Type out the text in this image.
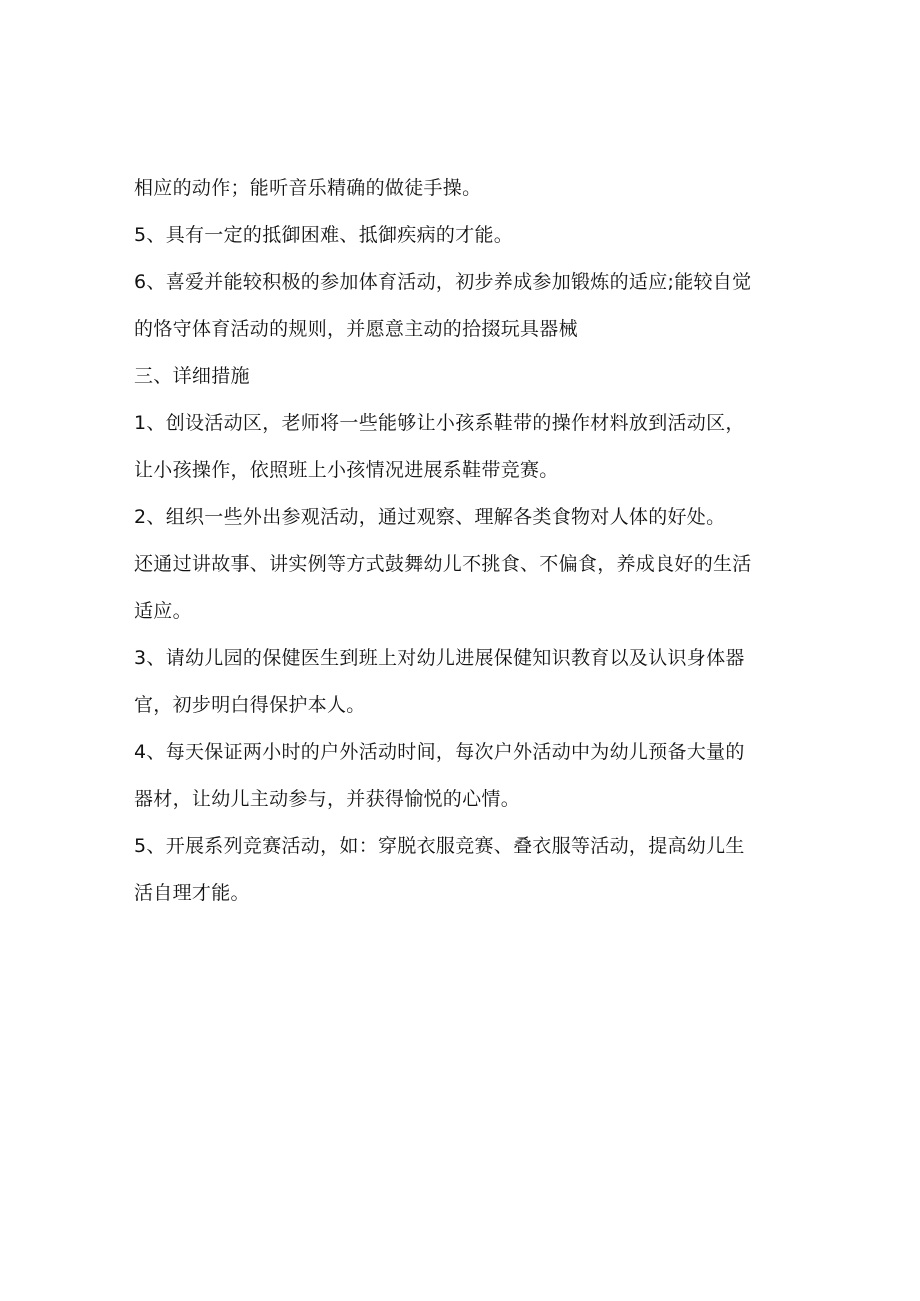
相应的动作；能听音乐精确的做徒手操。

5、具有一定的抵御困难、抵御疾病的才能。

6、喜爱并能较积极的参加体育活动，初步养成参加锻炼的适应;能较自觉
的恪守体育活动的规则，并愿意主动的拾掇玩具器械

三、详细措施

1、创设活动区，老师将一些能够让小孩系鞋带的操作材料放到活动区，
让小孩操作，依照班上小孩情况进展系鞋带竞赛。

2、组织一些外出参观活动，通过观察、理解各类食物对人体的好处。

还通过讲故事、讲实例等方式鼓舞幼儿不挑食、不偏食，养成良好的生活
适应。

3、请幼儿园的保健医生到班上对幼儿进展保健知识教育以及认识身体器
官，初步明白得保护本人。

4、每天保证两小时的户外活动时间，每次户外活动中为幼儿预备大量的
器材，让幼儿主动参与，并获得愉悦的心情。

5、开展系列竞赛活动，如：穿脱衣服竞赛、叠衣服等活动，提高幼儿生
活自理才能。
